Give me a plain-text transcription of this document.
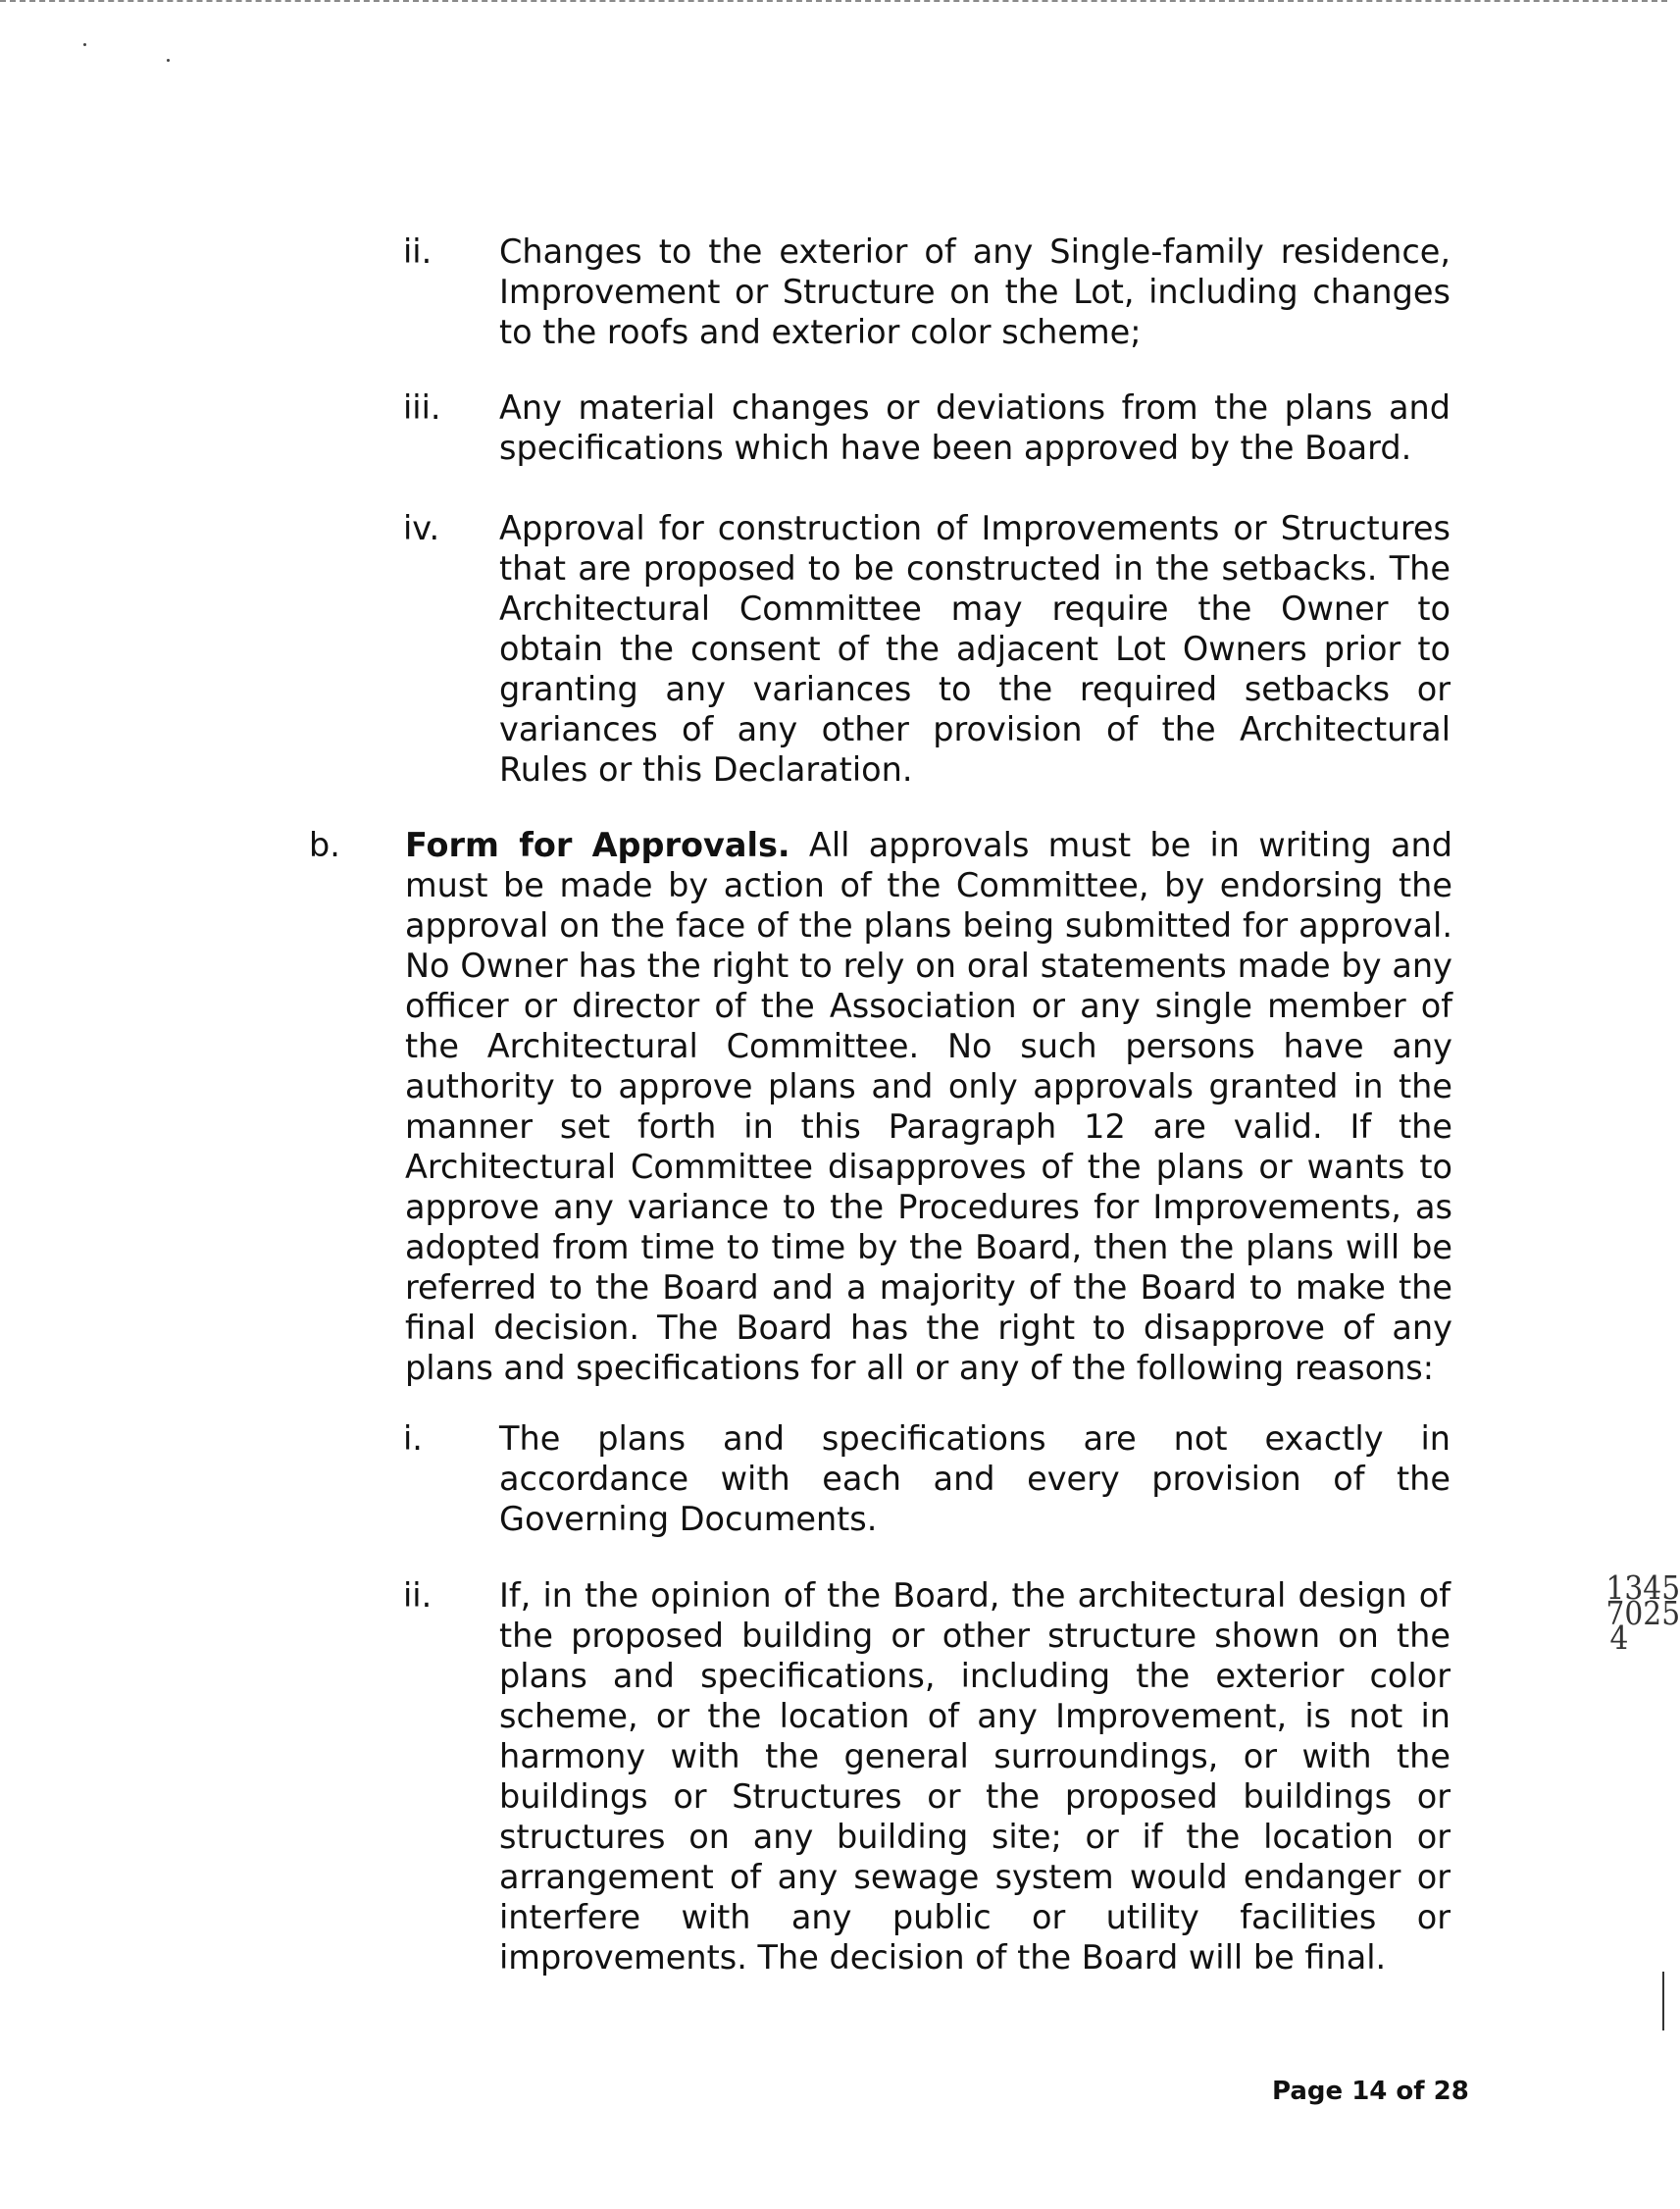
ii. Changes to the exterior of any Single-family residence, Improvement or Structure on the Lot, including changes to the roofs and exterior color scheme;
iii. Any material changes or deviations from the plans and specifications which have been approved by the Board.
iv. Approval for construction of Improvements or Structures that are proposed to be constructed in the setbacks. The Architectural Committee may require the Owner to obtain the consent of the adjacent Lot Owners prior to granting any variances to the required setbacks or variances of any other provision of the Architectural Rules or this Declaration.
b. Form for Approvals. All approvals must be in writing and must be made by action of the Committee, by endorsing the approval on the face of the plans being submitted for approval. No Owner has the right to rely on oral statements made by any officer or director of the Association or any single member of the Architectural Committee. No such persons have any authority to approve plans and only approvals granted in the manner set forth in this Paragraph 12 are valid. If the Architectural Committee disapproves of the plans or wants to approve any variance to the Procedures for Improvements, as adopted from time to time by the Board, then the plans will be referred to the Board and a majority of the Board to make the final decision. The Board has the right to disapprove of any plans and specifications for all or any of the following reasons:
i. The plans and specifications are not exactly in accordance with each and every provision of the Governing Documents.
ii. If, in the opinion of the Board, the architectural design of the proposed building or other structure shown on the plans and specifications, including the exterior color scheme, or the location of any Improvement, is not in harmony with the general surroundings, or with the buildings or Structures or the proposed buildings or structures on any building site; or if the location or arrangement of any sewage system would endanger or interfere with any public or utility facilities or improvements. The decision of the Board will be final.
1345 7025 4
Page 14 of 28
